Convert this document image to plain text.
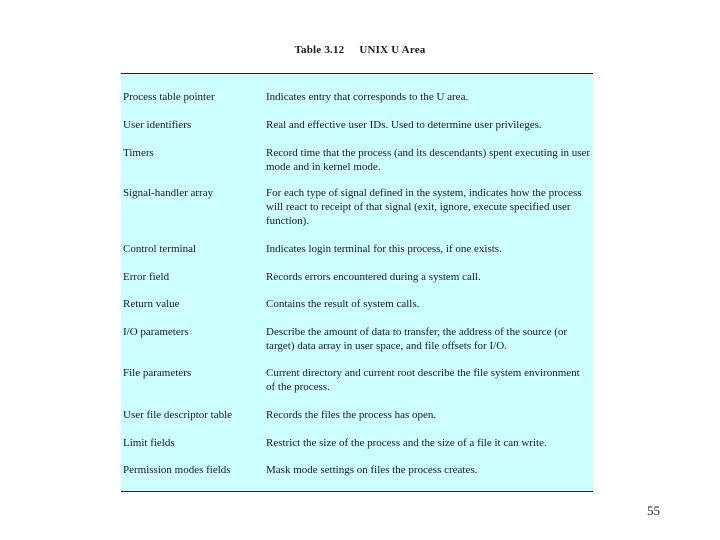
Table 3.12 UNIX U Area
Process table pointer	Indicates entry that corresponds to the U area.
User identifiers	Real and effective user IDs. Used to determine user privileges.
Timers	Record time that the process (and its descendants) spent executing in user mode and in kernel mode.
Signal-handler array	For each type of signal defined in the system, indicates how the process will react to receipt of that signal (exit, ignore, execute specified user function).
Control terminal	Indicates login terminal for this process, if one exists.
Error field	Records errors encountered during a system call.
Return value	Contains the result of system calls.
I/O parameters	Describe the amount of data to transfer, the address of the source (or target) data array in user space, and file offsets for I/O.
File parameters	Current directory and current root describe the file system environment of the process.
User file descriptor table	Records the files the process has open.
Limit fields	Restrict the size of the process and the size of a file it can write.
Permission modes fields	Mask mode settings on files the process creates.
55
